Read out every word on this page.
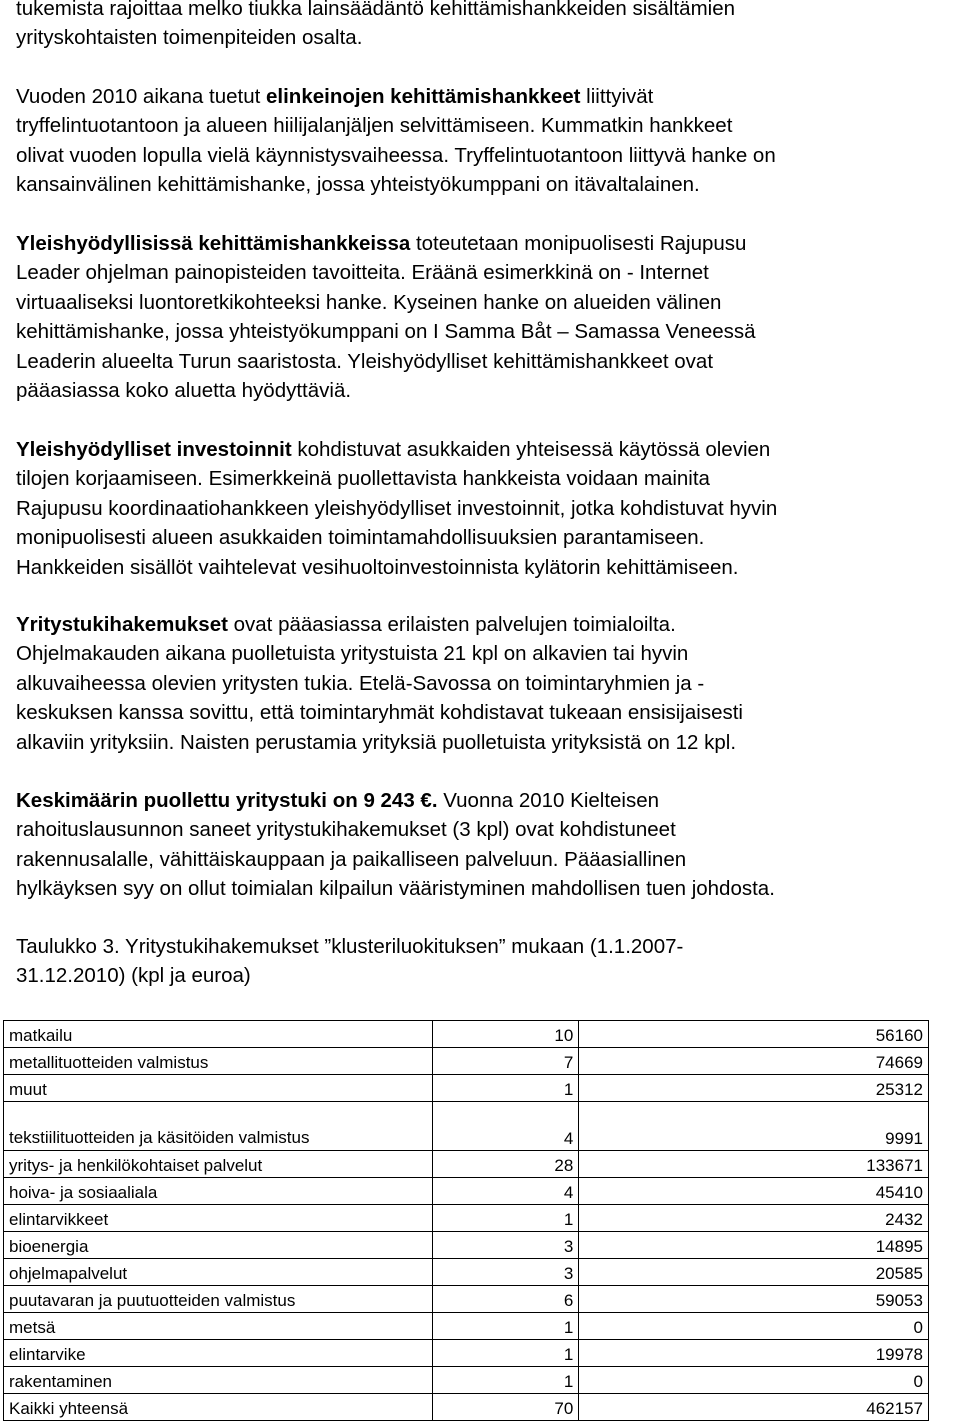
tukemista rajoittaa melko tiukka lainsäädäntö kehittämishankkeiden sisältämien
yrityskohtaisten toimenpiteiden osalta.
Vuoden 2010 aikana tuetut elinkeinojen kehittämishankkeet liittyivät
tryffelintuotantoon ja alueen hiilijalanjäljen selvittämiseen. Kummatkin hankkeet
olivat vuoden lopulla vielä käynnistysvaiheessa. Tryffelintuotantoon liittyvä hanke on
kansainvälinen kehittämishanke, jossa yhteistyökumppani on itävaltalainen.
Yleishyödyllisissä kehittämishankkeissa toteutetaan monipuolisesti Rajupusu
Leader ohjelman painopisteiden tavoitteita. Eräänä esimerkkinä on - Internet
virtuaaliseksi luontoretkikohteeksi hanke. Kyseinen hanke on alueiden välinen
kehittämishanke, jossa yhteistyökumppani on I Samma Båt – Samassa Veneessä
Leaderin alueelta Turun saaristosta. Yleishyödylliset kehittämishankkeet ovat
pääasiassa koko aluetta hyödyttäviä.
Yleishyödylliset investoinnit kohdistuvat asukkaiden yhteisessä käytössä olevien
tilojen korjaamiseen. Esimerkkeinä puollettavista hankkeista voidaan mainita
Rajupusu koordinaatiohankkeen yleishyödylliset investoinnit, jotka kohdistuvat hyvin
monipuolisesti alueen asukkaiden toimintamahdollisuuksien parantamiseen.
Hankkeiden sisällöt vaihtelevat vesihuoltoinvestoinnista kylätorin kehittämiseen.
Yritystukihakemukset ovat pääasiassa erilaisten palvelujen toimialoilta.
Ohjelmakauden aikana puolletuista yritystuista 21 kpl on alkavien tai hyvin
alkuvaiheessa olevien yritysten tukia. Etelä-Savossa on toimintaryhmien ja -
keskuksen kanssa sovittu, että toimintaryhmät kohdistavat tukeaan ensisijaisesti
alkaviin yrityksiin. Naisten perustamia yrityksiä puolletuista yrityksistä on 12 kpl.
Keskimäärin puollettu yritystuki on 9 243 €. Vuonna 2010 Kielteisen
rahoituslausunnon saneet yritystukihakemukset (3 kpl) ovat kohdistuneet
rakennusalalle, vähittäiskauppaan ja paikalliseen palveluun. Pääasiallinen
hylkäyksen syy on ollut toimialan kilpailun vääristyminen mahdollisen tuen johdosta.
Taulukko 3. Yritystukihakemukset ”klusteriluokituksen” mukaan (1.1.2007-
31.12.2010) (kpl ja euroa)
matkailu	10	56160
metallituotteiden valmistus	7	74669
muut	1	25312
tekstiilituotteiden ja käsitöiden valmistus	4	9991
yritys- ja henkilökohtaiset palvelut	28	133671
hoiva- ja sosiaaliala	4	45410
elintarvikkeet	1	2432
bioenergia	3	14895
ohjelmapalvelut	3	20585
puutavaran ja puutuotteiden valmistus	6	59053
metsä	1	0
elintarvike	1	19978
rakentaminen	1	0
Kaikki yhteensä	70	462157
